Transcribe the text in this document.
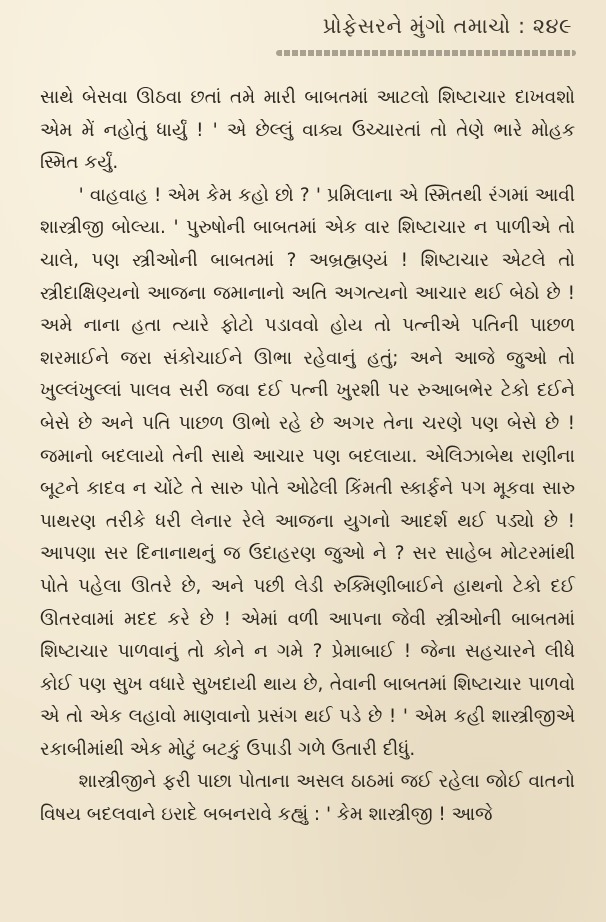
પ્રોફેસરને મુંગો તમાચો : ૨૪૯

સાથે બેસવા ઊઠવા છતાં તમે મારી બાબતમાં આટલો શિષ્ટાચાર દાખવશો એમ મેં નહોતું ધાર્યું ! ' એ છેલ્લું વાક્ય ઉચ્ચારતાં તો તેણે ભારે મોહક સ્મિત કર્યું.

' વાહવાહ ! એમ કેમ કહો છો ? ' પ્રમિલાના એ સ્મિતથી રંગમાં આવી શાસ્ત્રીજી બોલ્યા. ' પુરુષોની બાબતમાં એક વાર શિષ્ટાચાર ન પાળીએ તો ચાલે, પણ સ્ત્રીઓની બાબતમાં ? અબ્રહ્મણ્યં ! શિષ્ટાચાર એટલે તો સ્ત્રીદાક્ષિણ્યનો આજના જમાનાનો અતિ અગત્યનો આચાર થઈ બેઠો છે ! અમે નાના હતા ત્યારે ફોટો પડાવવો હોય તો પત્નીએ પતિની પાછળ શરમાઈને જરા સંકોચાઈને ઊભા રહેવાનું હતું; અને આજે જુઓ તો ખુલ્લંખુલ્લાં પાલવ સરી જવા દઈ પત્ની ખુરશી પર રુઆબભેર ટેકો દઈને બેસે છે અને પતિ પાછળ ઊભો રહે છે અગર તેના ચરણે પણ બેસે છે ! જમાનો બદલાયો તેની સાથે આચાર પણ બદલાયા. એલિઝાબેથ રાણીના બૂટને કાદવ ન ચોંટે તે સારુ પોતે ઓઢેલી કિંમતી સ્કાર્ફને પગ મૂકવા સારુ પાથરણ તરીકે ધરી લેનાર રેલે આજના યુગનો આદર્શ થઈ પડ્યો છે ! આપણા સર દિનાનાથનું જ ઉદાહરણ જુઓ ને ? સર સાહેબ મોટરમાંથી પોતે પહેલા ઊતરે છે, અને પછી લેડી રુક્મિણીબાઈને હાથનો ટેકો દઈ ઊતરવામાં મદદ કરે છે ! એમાં વળી આપના જેવી સ્ત્રીઓની બાબતમાં શિષ્ટાચાર પાળવાનું તો કોને ન ગમે ? પ્રેમાબાઈ ! જેના સહચારને લીધે કોઈ પણ સુખ વધારે સુખદાયી થાય છે, તેવાની બાબતમાં શિષ્ટાચાર પાળવો એ તો એક લહાવો માણવાનો પ્રસંગ થઈ પડે છે ! ' એમ કહી શાસ્ત્રીજીએ રકાબીમાંથી એક મોટું બટકું ઉપાડી ગળે ઉતારી દીધું.

શાસ્ત્રીજીને ફરી પાછા પોતાના અસલ ઠાઠમાં જઈ રહેલા જોઈ વાતનો વિષય બદલવાને ઇરાદે બબનરાવે કહ્યું : ' કેમ શાસ્ત્રીજી ! આજે
